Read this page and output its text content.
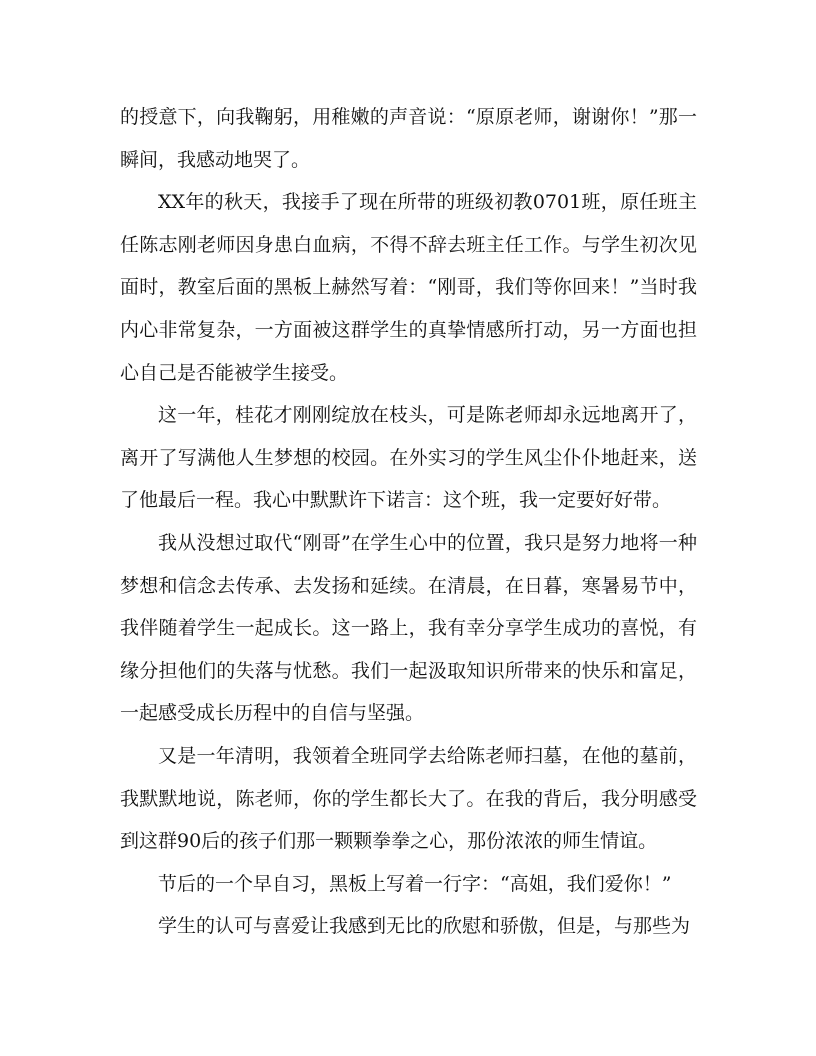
的授意下，向我鞠躬，用稚嫩的声音说：“原原老师，谢谢你！”那一瞬间，我感动地哭了。

XX年的秋天，我接手了现在所带的班级初教0701班，原任班主任陈志刚老师因身患白血病，不得不辞去班主任工作。与学生初次见面时，教室后面的黑板上赫然写着：“刚哥，我们等你回来！”当时我内心非常复杂，一方面被这群学生的真挚情感所打动，另一方面也担心自己是否能被学生接受。

这一年，桂花才刚刚绽放在枝头，可是陈老师却永远地离开了，离开了写满他人生梦想的校园。在外实习的学生风尘仆仆地赶来，送了他最后一程。我心中默默许下诺言：这个班，我一定要好好带。

我从没想过取代“刚哥”在学生心中的位置，我只是努力地将一种梦想和信念去传承、去发扬和延续。在清晨，在日暮，寒暑易节中，我伴随着学生一起成长。这一路上，我有幸分享学生成功的喜悦，有缘分担他们的失落与忧愁。我们一起汲取知识所带来的快乐和富足，一起感受成长历程中的自信与坚强。

又是一年清明，我领着全班同学去给陈老师扫墓，在他的墓前，我默默地说，陈老师，你的学生都长大了。在我的背后，我分明感受到这群90后的孩子们那一颗颗拳拳之心，那份浓浓的师生情谊。

节后的一个早自习，黑板上写着一行字：“高姐，我们爱你！”

学生的认可与喜爱让我感到无比的欣慰和骄傲，但是，与那些为
